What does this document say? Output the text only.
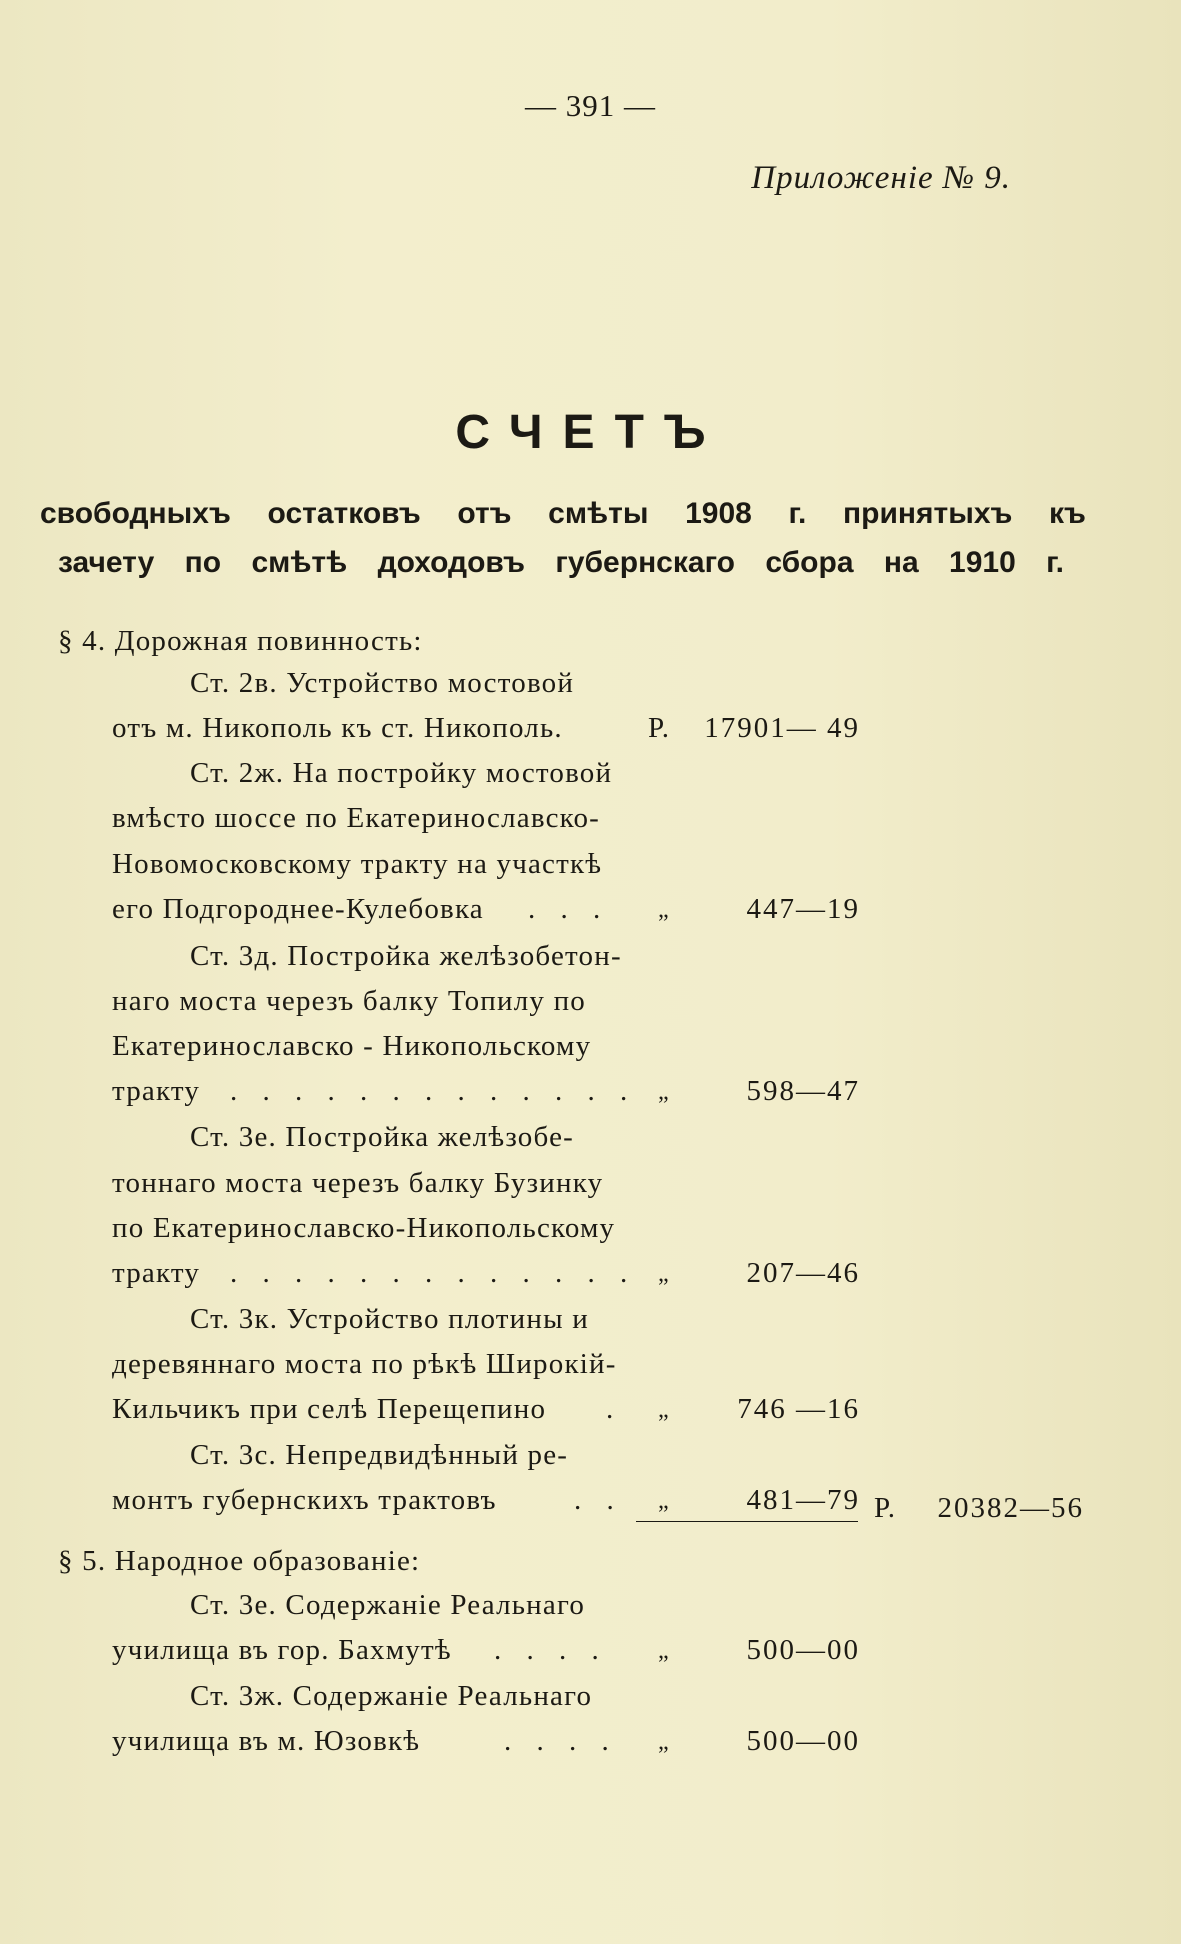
— 391 —
Приложеніе № 9.
СЧЕТЪ
свободныхъ остатковъ отъ смѣты 1908 г. принятыхъ къ
зачету по смѣтѣ доходовъ губернскаго сбора на 1910 г.
§ 4. Дорожная повинность:
Ст. 2в. Устройство мостовой
отъ м. Никополь къ ст. Никополь.	Р.	17901— 49
Ст. 2ж. На постройку мостовой
вмѣсто шоссе по Екатеринославско-
Новомосковскому тракту на участкѣ
его Подгороднее-Кулебовка . . . „	447—19
Ст. 3д. Постройка желѣзобетон-
наго моста черезъ балку Топилу по
Екатеринославско - Никопольскому
тракту . . . . . . . . . . . . . „	598—47
Ст. 3е. Постройка желѣзобе-
тоннаго моста черезъ балку Бузинку
по Екатеринославско-Никопольскому
тракту . . . . . . . . . . . . . „	207—46
Ст. 3к. Устройство плотины и
деревяннаго моста по рѣкѣ Широкій-
Кильчикъ при селѣ Перещепино . „	746 —16
Ст. 3с. Непредвидѣнный ре-
монтъ губернскихъ трактовъ	. . „	481—79 Р.	20382—56
§ 5. Народное образованіе:
Ст. 3е. Содержаніе Реальнаго
училища въ гор. Бахмутѣ . . . . „	500—00
Ст. 3ж. Содержаніе Реальнаго
училища въ м. Юзовкѣ	. . . . „	500—00
